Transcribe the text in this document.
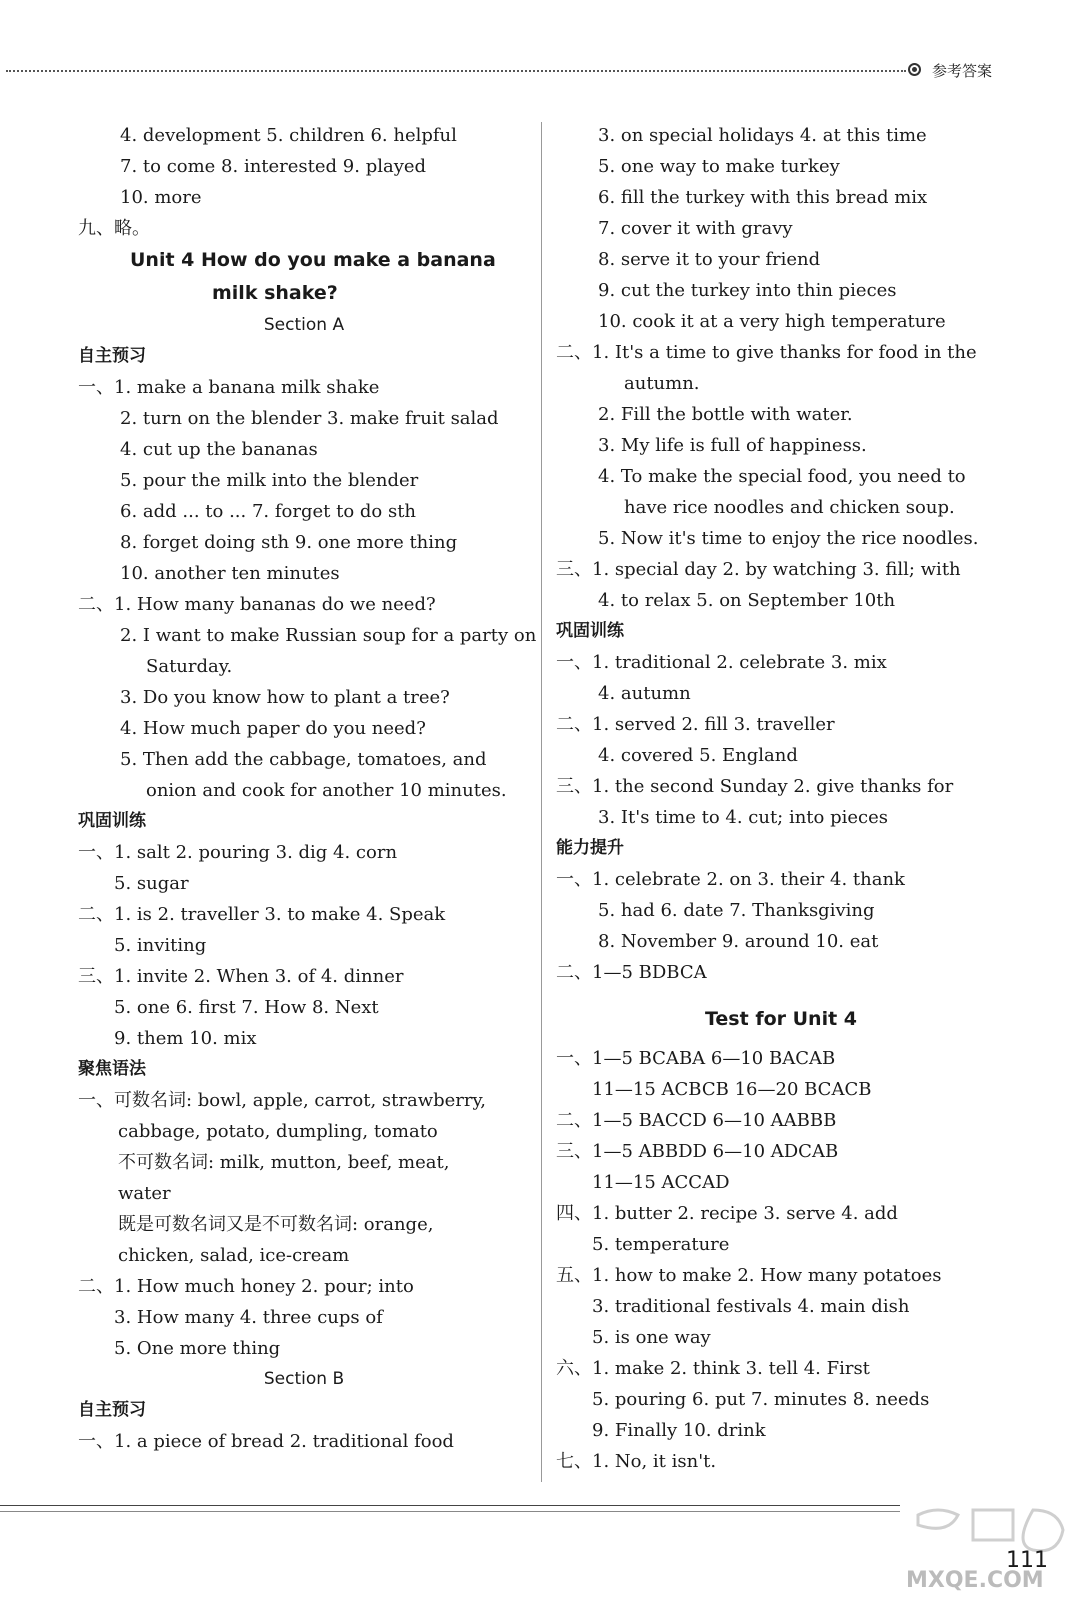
参考答案
4. development 5. children 6. helpful
7. to come 8. interested 9. played
10. more
九、略。
Unit 4 How do you make a banana
milk shake?
Section A
自主预习
一、1. make a banana milk shake
2. turn on the blender 3. make fruit salad
4. cut up the bananas
5. pour the milk into the blender
6. add ... to ... 7. forget to do sth
8. forget doing sth 9. one more thing
10. another ten minutes
二、1. How many bananas do we need?
2. I want to make Russian soup for a party on
Saturday.
3. Do you know how to plant a tree?
4. How much paper do you need?
5. Then add the cabbage, tomatoes, and
onion and cook for another 10 minutes.
巩固训练
一、1. salt 2. pouring 3. dig 4. corn
5. sugar
二、1. is 2. traveller 3. to make 4. Speak
5. inviting
三、1. invite 2. When 3. of 4. dinner
5. one 6. first 7. How 8. Next
9. them 10. mix
聚焦语法
一、可数名词: bowl, apple, carrot, strawberry,
cabbage, potato, dumpling, tomato
不可数名词: milk, mutton, beef, meat,
water
既是可数名词又是不可数名词: orange,
chicken, salad, ice-cream
二、1. How much honey 2. pour; into
3. How many 4. three cups of
5. One more thing
Section B
自主预习
一、1. a piece of bread 2. traditional food
3. on special holidays 4. at this time
5. one way to make turkey
6. fill the turkey with this bread mix
7. cover it with gravy
8. serve it to your friend
9. cut the turkey into thin pieces
10. cook it at a very high temperature
二、1. It's a time to give thanks for food in the
autumn.
2. Fill the bottle with water.
3. My life is full of happiness.
4. To make the special food, you need to
have rice noodles and chicken soup.
5. Now it's time to enjoy the rice noodles.
三、1. special day 2. by watching 3. fill; with
4. to relax 5. on September 10th
巩固训练
一、1. traditional 2. celebrate 3. mix
4. autumn
二、1. served 2. fill 3. traveller
4. covered 5. England
三、1. the second Sunday 2. give thanks for
3. It's time to 4. cut; into pieces
能力提升
一、1. celebrate 2. on 3. their 4. thank
5. had 6. date 7. Thanksgiving
8. November 9. around 10. eat
二、1—5 BDBCA
Test for Unit 4
一、1—5 BCABA 6—10 BACAB
11—15 ACBCB 16—20 BCACB
二、1—5 BACCD 6—10 AABBB
三、1—5 ABBDD 6—10 ADCAB
11—15 ACCAD
四、1. butter 2. recipe 3. serve 4. add
5. temperature
五、1. how to make 2. How many potatoes
3. traditional festivals 4. main dish
5. is one way
六、1. make 2. think 3. tell 4. First
5. pouring 6. put 7. minutes 8. needs
9. Finally 10. drink
七、1. No, it isn't.
MXQE.COM
111
